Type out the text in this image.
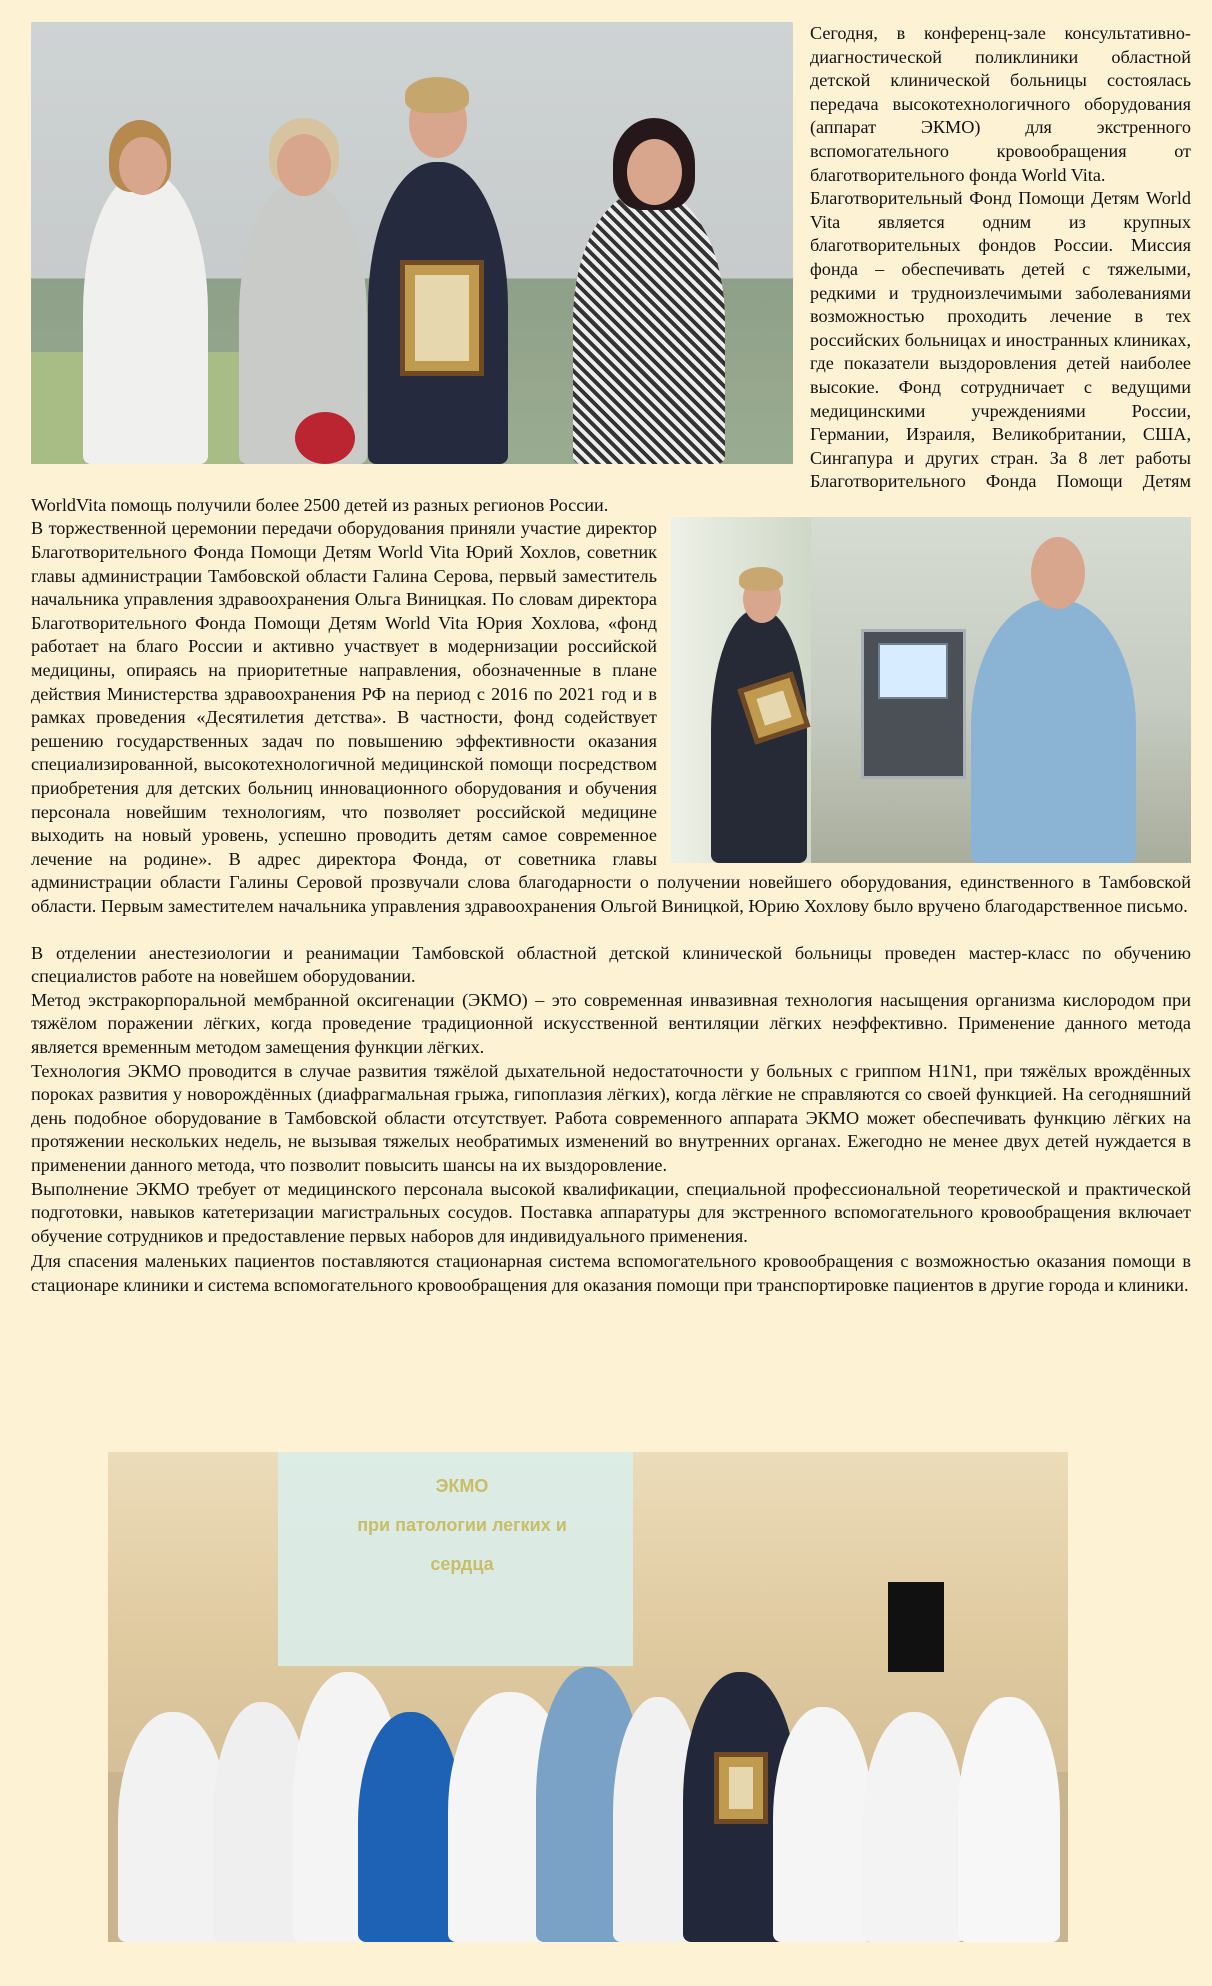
Сегодня, в конференц-зале консультативно-диагностической поликлиники областной детской клинической больницы состоялась передача высокотехнологичного оборудования (аппарат ЭКМО) для экстренного вспомогательного кровообращения от благотворительного фонда World Vita.

Благотворительный Фонд Помощи Детям World Vita является одним из крупных благотворительных фондов России. Миссия фонда – обеспечивать детей с тяжелыми, редкими и трудноизлечимыми заболеваниями возможностью проходить лечение в тех российских больницах и иностранных клиниках, где показатели выздоровления детей наиболее высокие. Фонд сотрудничает с ведущими медицинскими учреждениями России, Германии, Израиля, Великобритании, США, Сингапура и других стран. За 8 лет работы Благотворительного Фонда Помощи Детям WorldVita помощь получили более 2500 детей из разных регионов России.

В торжественной церемонии передачи оборудования приняли участие директор Благотворительного Фонда Помощи Детям World Vita Юрий Хохлов, советник главы администрации Тамбовской области Галина Серова, первый заместитель начальника управления здравоохранения Ольга Виницкая. По словам директора Благотворительного Фонда Помощи Детям World Vita Юрия Хохлова, «фонд работает на благо России и активно участвует в модернизации российской медицины, опираясь на приоритетные направления, обозначенные в плане действия Министерства здравоохранения РФ на период с 2016 по 2021 год и в рамках проведения «Десятилетия детства». В частности, фонд содействует решению государственных задач по повышению эффективности оказания специализированной, высокотехнологичной медицинской помощи посредством приобретения для детских больниц инновационного оборудования и обучения персонала новейшим технологиям, что позволяет российской медицине выходить на новый уровень, успешно проводить детям самое современное лечение на родине». В адрес директора Фонда, от советника главы администрации области Галины Серовой прозвучали слова благодарности о получении новейшего оборудования, единственного в Тамбовской области. Первым заместителем начальника управления здравоохранения Ольгой Виницкой, Юрию Хохлову было вручено благодарственное письмо.

В отделении анестезиологии и реанимации Тамбовской областной детской клинической больницы проведен мастер-класс по обучению специалистов работе на новейшем оборудовании.

Метод экстракорпоральной мембранной оксигенации (ЭКМО) – это современная инвазивная технология насыщения организма кислородом при тяжёлом поражении лёгких, когда проведение традиционной искусственной вентиляции лёгких неэффективно. Применение данного метода является временным методом замещения функции лёгких.

Технология ЭКМО проводится в случае развития тяжёлой дыхательной недостаточности у больных с гриппом H1N1, при тяжёлых врождённых пороках развития у новорождённых (диафрагмальная грыжа, гипоплазия лёгких), когда лёгкие не справляются со своей функцией. На сегодняшний день подобное оборудование в Тамбовской области отсутствует. Работа современного аппарата ЭКМО может обеспечивать функцию лёгких на протяжении нескольких недель, не вызывая тяжелых необратимых изменений во внутренних органах. Ежегодно не менее двух детей нуждается в применении данного метода, что позволит повысить шансы на их выздоровление.

Выполнение ЭКМО требует от медицинского персонала высокой квалификации, специальной профессиональной теоретической и практической подготовки, навыков катетеризации магистральных сосудов. Поставка аппаратуры для экстренного вспомогательного кровообращения включает обучение сотрудников и предоставление первых наборов для индивидуального применения.

Для спасения маленьких пациентов поставляются стационарная система вспомогательного кровообращения с возможностью оказания помощи в стационаре клиники и система вспомогательного кровообращения для оказания помощи при транспортировке пациентов в другие города и клиники.

ЭКМО
при патологии легких и
сердца
